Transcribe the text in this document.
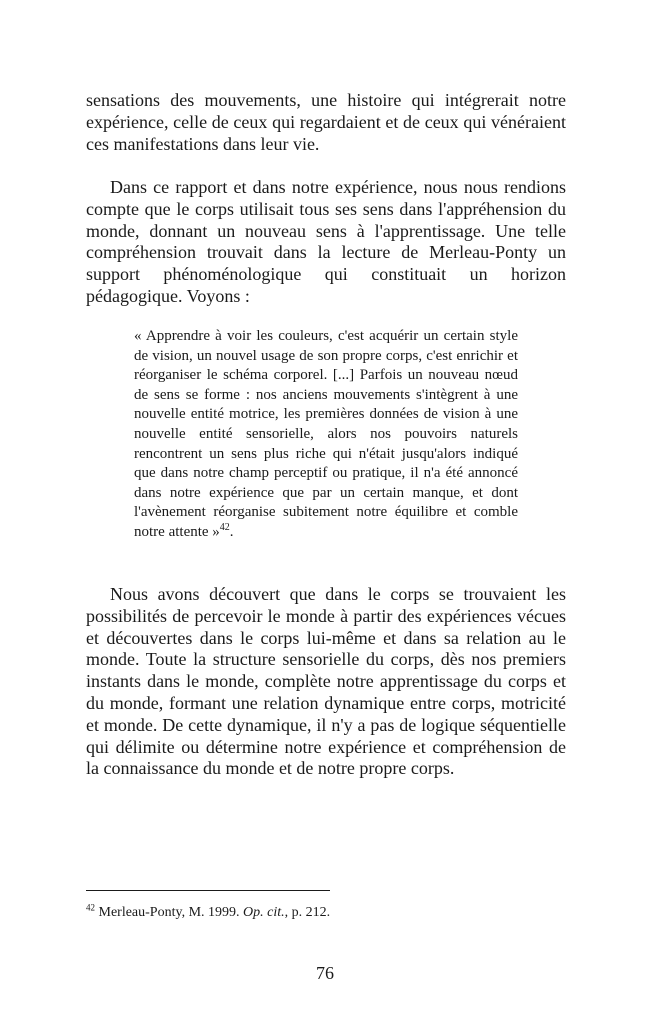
sensations des mouvements, une histoire qui intégrerait notre expérience, celle de ceux qui regardaient et de ceux qui vénéraient ces manifestations dans leur vie.

Dans ce rapport et dans notre expérience, nous nous rendions compte que le corps utilisait tous ses sens dans l'appréhension du monde, donnant un nouveau sens à l'apprentissage. Une telle compréhension trouvait dans la lecture de Merleau-Ponty un support phénoménologique qui constituait un horizon pédagogique. Voyons :

« Apprendre à voir les couleurs, c'est acquérir un certain style de vision, un nouvel usage de son propre corps, c'est enrichir et réorganiser le schéma corporel. [...] Parfois un nouveau nœud de sens se forme : nos anciens mouvements s'intègrent à une nouvelle entité motrice, les premières données de vision à une nouvelle entité sensorielle, alors nos pouvoirs naturels rencontrent un sens plus riche qui n'était jusqu'alors indiqué que dans notre champ perceptif ou pratique, il n'a été annoncé dans notre expérience que par un certain manque, et dont l'avènement réorganise subitement notre équilibre et comble notre attente »$^{42}$.

Nous avons découvert que dans le corps se trouvaient les possibilités de percevoir le monde à partir des expériences vécues et découvertes dans le corps lui-même et dans sa relation au le monde. Toute la structure sensorielle du corps, dès nos premiers instants dans le monde, complète notre apprentissage du corps et du monde, formant une relation dynamique entre corps, motricité et monde. De cette dynamique, il n'y a pas de logique séquentielle qui délimite ou détermine notre expérience et compréhension de la connaissance du monde et de notre propre corps.

$^{42}$ Merleau-Ponty, M. 1999. Op. cit., p. 212.

76
